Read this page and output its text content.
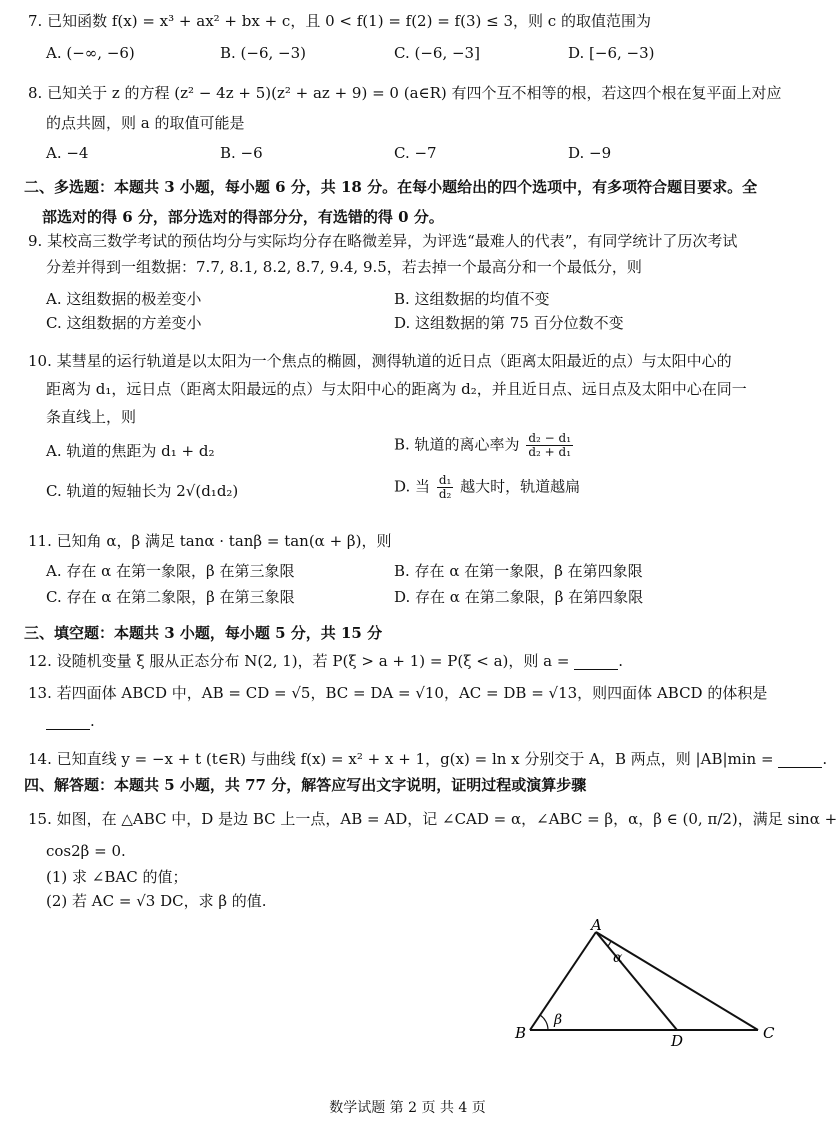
7. 已知函数 f(x) = x³ + ax² + bx + c，且 0 < f(1) = f(2) = f(3) ≤ 3，则 c 的取值范围为
A. (−∞, −6)	B. (−6, −3)	C. (−6, −3]	D. [−6, −3)
8. 已知关于 z 的方程 (z² − 4z + 5)(z² + az + 9) = 0 (a∈R) 有四个互不相等的根，若这四个根在复平面上对应
的点共圆，则 a 的取值可能是
A. −4	B. −6	C. −7	D. −9
二、多选题：本题共 3 小题，每小题 6 分，共 18 分。在每小题给出的四个选项中，有多项符合题目要求。全
部选对的得 6 分，部分选对的得部分分，有选错的得 0 分。
9. 某校高三数学考试的预估均分与实际均分存在略微差异，为评选“最难人的代表”，有同学统计了历次考试
分差并得到一组数据：7.7, 8.1, 8.2, 8.7, 9.4, 9.5，若去掉一个最高分和一个最低分，则
A. 这组数据的极差变小	B. 这组数据的均值不变
C. 这组数据的方差变小	D. 这组数据的第 75 百分位数不变
10. 某彗星的运行轨道是以太阳为一个焦点的椭圆，测得轨道的近日点（距离太阳最近的点）与太阳中心的
距离为 d₁，远日点（距离太阳最远的点）与太阳中心的距离为 d₂，并且近日点、远日点及太阳中心在同一
条直线上，则
A. 轨道的焦距为 d₁ + d₂	B. 轨道的离心率为 $\frac{\text{d₂ − d₁}}{\text{d₂ + d₁}}$
C. 轨道的短轴长为 2√(d₁d₂)	D. 当 $\frac{\text{d₁}}{\text{d₂}}$ 越大时，轨道越扁
11. 已知角 α，β 满足 tanα · tanβ = tan(α + β)，则
A. 存在 α 在第一象限，β 在第三象限	B. 存在 α 在第一象限，β 在第四象限
C. 存在 α 在第二象限，β 在第三象限	D. 存在 α 在第二象限，β 在第四象限
三、填空题：本题共 3 小题，每小题 5 分，共 15 分
12. 设随机变量 ξ 服从正态分布 N(2, 1)，若 P(ξ > a + 1) = P(ξ < a)，则 a =	.
13. 若四面体 ABCD 中，AB = CD = √5，BC = DA = √10，AC = DB = √13，则四面体 ABCD 的体积是
.
14. 已知直线 y = −x + t (t∈R) 与曲线 f(x) = x² + x + 1，g(x) = ln x 分别交于 A，B 两点，则 |AB|min =	.
四、解答题：本题共 5 小题，共 77 分，解答应写出文字说明，证明过程或演算步骤
15. 如图，在 △ABC 中，D 是边 BC 上一点，AB = AD，记 ∠CAD = α，∠ABC = β，α，β ∈ (0, π/2)，满足 sinα +
cos2β = 0.
(1) 求 ∠BAC 的值；
(2) 若 AC = √3 DC，求 β 的值.
A
B	C
D
α
β
数学试题 第 2 页 共 4 页
